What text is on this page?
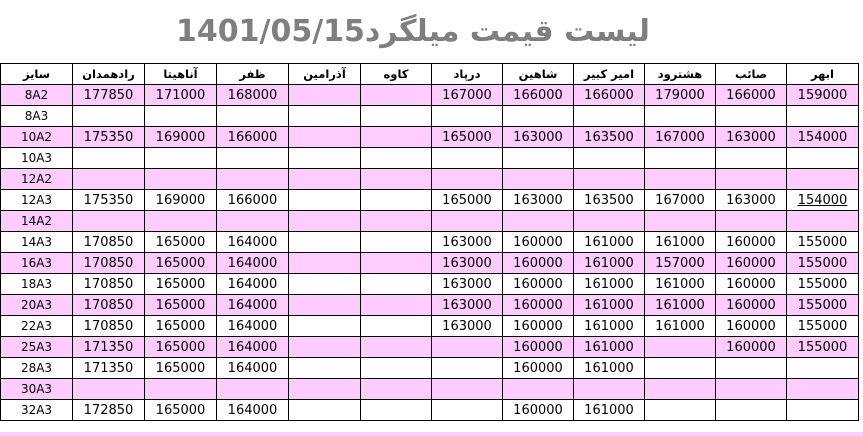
لیست قیمت میلگرد1401/05/15
سایز	رادهمدان	آناهیتا	ظفر	آذرامین	کاوه	درپاد	شاهین	امیر کبیر	هشترود	صائب	ابهر
8A2	177850	171000	168000			167000	166000	166000	179000	166000	159000
8A3											
10A2	175350	169000	166000			165000	163000	163500	167000	163000	154000
10A3											
12A2											
12A3	175350	169000	166000			165000	163000	163500	167000	163000	154000
14A2											
14A3	170850	165000	164000			163000	160000	161000	161000	160000	155000
16A3	170850	165000	164000			163000	160000	161000	157000	160000	155000
18A3	170850	165000	164000			163000	160000	161000	161000	160000	155000
20A3	170850	165000	164000			163000	160000	161000	161000	160000	155000
22A3	170850	165000	164000			163000	160000	161000	161000	160000	155000
25A3	171350	165000	164000				160000	161000		160000	155000
28A3	171350	165000	164000				160000	161000			
30A3											
32A3	172850	165000	164000				160000	161000			
